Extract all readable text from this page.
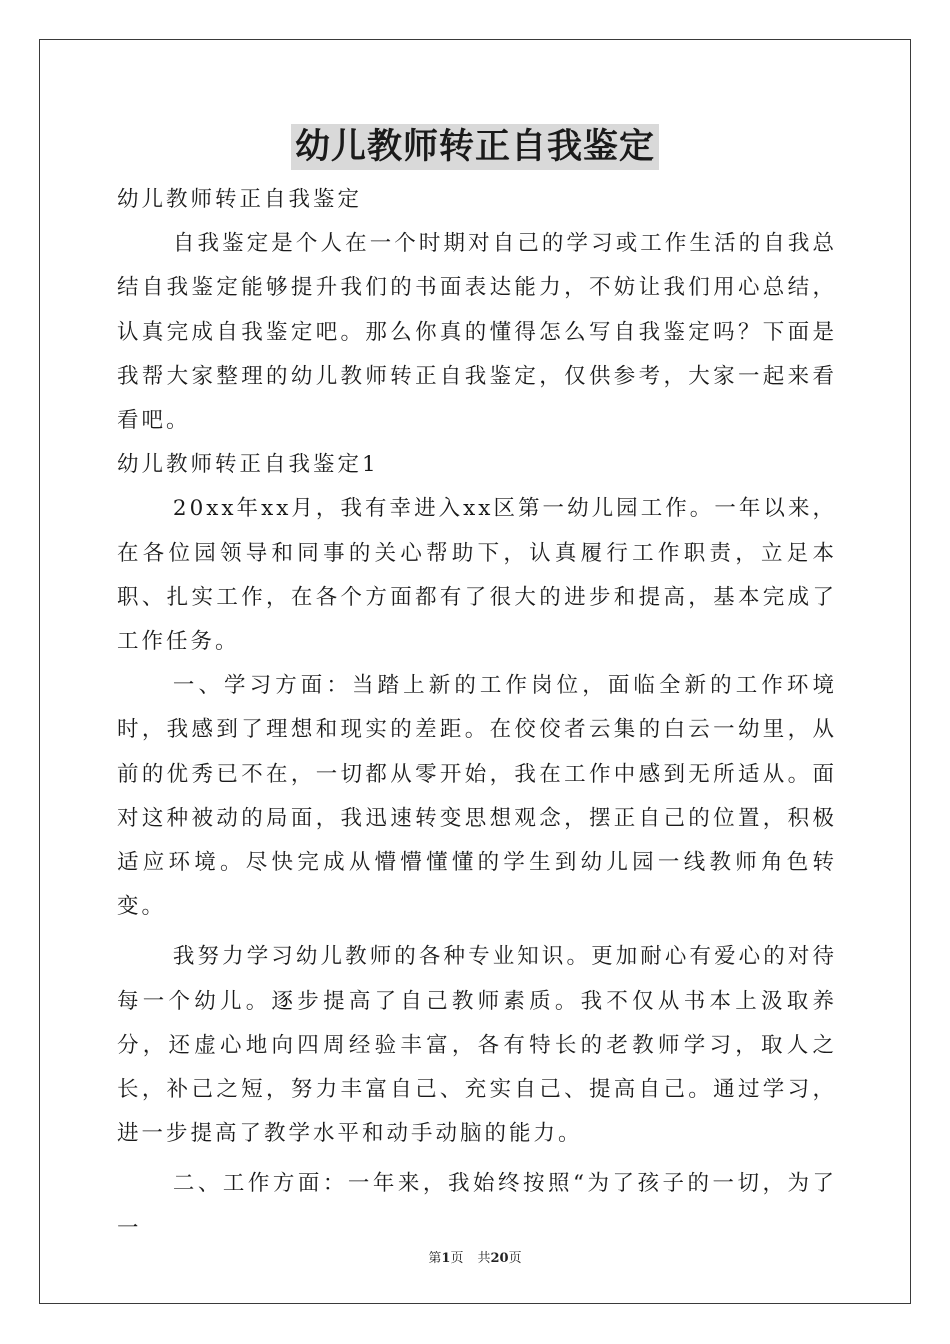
幼儿教师转正自我鉴定

幼儿教师转正自我鉴定

自我鉴定是个人在一个时期对自己的学习或工作生活的自我总结自我鉴定能够提升我们的书面表达能力，不妨让我们用心总结，认真完成自我鉴定吧。那么你真的懂得怎么写自我鉴定吗？下面是我帮大家整理的幼儿教师转正自我鉴定，仅供参考，大家一起来看看吧。

幼儿教师转正自我鉴定1

20xx年xx月，我有幸进入xx区第一幼儿园工作。一年以来，在各位园领导和同事的关心帮助下，认真履行工作职责，立足本职、扎实工作，在各个方面都有了很大的进步和提高，基本完成了工作任务。

一、学习方面：当踏上新的工作岗位，面临全新的工作环境时，我感到了理想和现实的差距。在佼佼者云集的白云一幼里，从前的优秀已不在，一切都从零开始，我在工作中感到无所适从。面对这种被动的局面，我迅速转变思想观念，摆正自己的位置，积极适应环境。尽快完成从懵懵懂懂的学生到幼儿园一线教师角色转变。

我努力学习幼儿教师的各种专业知识。更加耐心有爱心的对待每一个幼儿。逐步提高了自己教师素质。我不仅从书本上汲取养分，还虚心地向四周经验丰富，各有特长的老教师学习，取人之长，补己之短，努力丰富自己、充实自己、提高自己。通过学习，进一步提高了教学水平和动手动脑的能力。

二、工作方面：一年来，我始终按照“为了孩子的一切，为了一

第1页 共20页
